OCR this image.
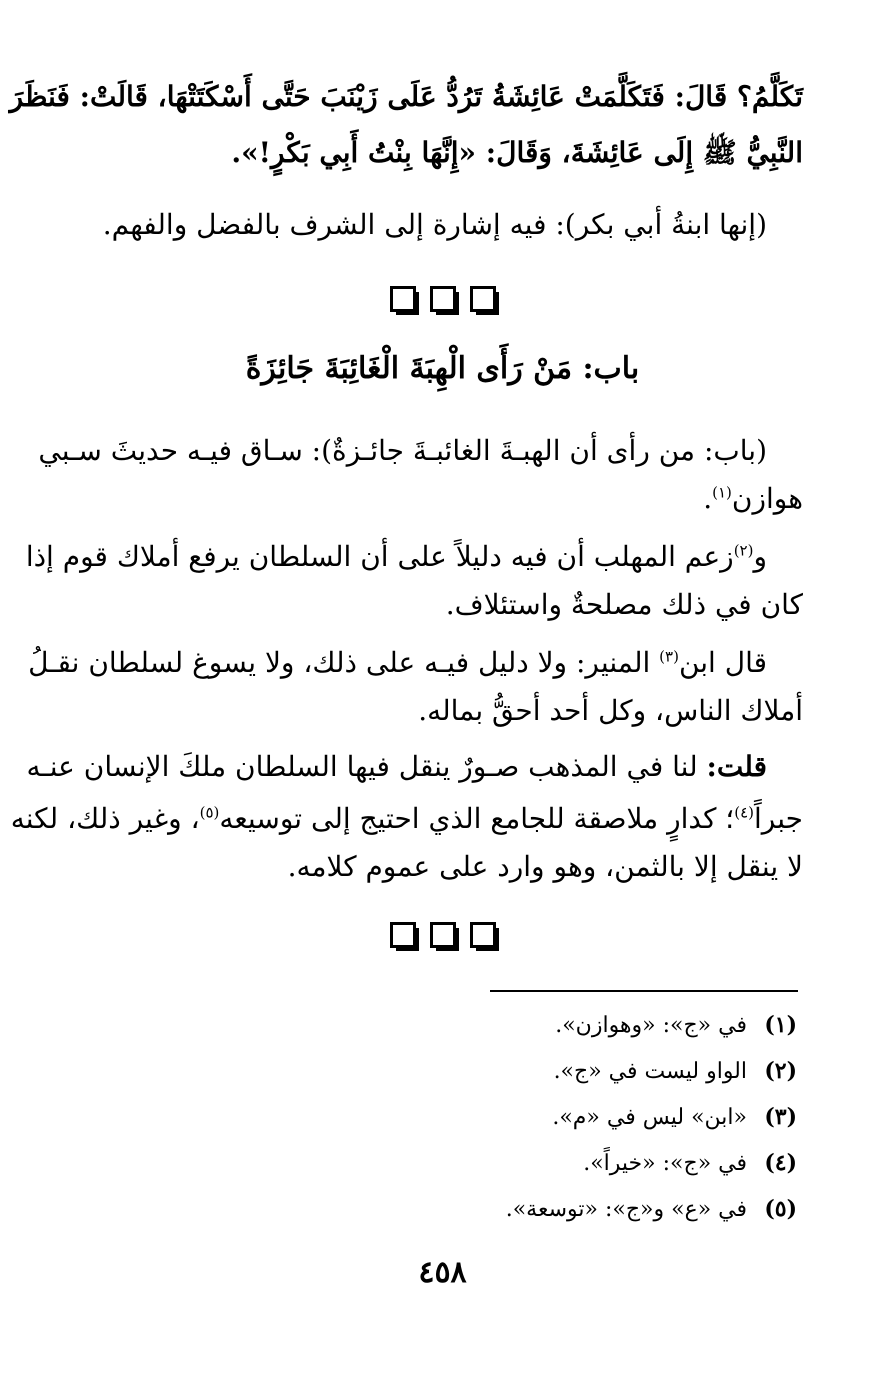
تَكَلَّمُ؟ قَالَ: فَتَكَلَّمَتْ عَائِشَةُ تَرُدُّ عَلَى زَيْنَبَ حَتَّى أَسْكَتَتْهَا، قَالَتْ: فَنَظَرَ
النَّبِيُّ ﷺ إِلَى عَائِشَةَ، وَقَالَ: «إِنَّهَا بِنْتُ أَبِي بَكْرٍ!».
(إنها ابنةُ أبي بكر): فيه إشارة إلى الشرف بالفضل والفهم.
باب: مَنْ رَأَى الْهِبَةَ الْغَائِبَةَ جَائِزَةً
(باب: من رأى أن الهبـةَ الغائبـةَ جائـزةٌ): سـاق فيـه حديثَ سـبي
هوازن$^{(١)}$.
و$^{(٢)}$زعم المهلب أن فيه دليلاً على أن السلطان يرفع أملاك قوم إذا
كان في ذلك مصلحةٌ واستئلاف.
قال ابن$^{(٣)}$ المنير: ولا دليل فيـه على ذلك، ولا يسوغ لسلطان نقـلُ
أملاك الناس، وكل أحد أحقُّ بماله.
قلت: لنا في المذهب صـورٌ ينقل فيها السلطان ملكَ الإنسان عنـه
جبراً$^{(٤)}$؛ كدارٍ ملاصقة للجامع الذي احتيج إلى توسيعه$^{(٥)}$، وغير ذلك، لكنه
لا ينقل إلا بالثمن، وهو وارد على عموم كلامه.
(١)في «ج»: «وهوازن».
(٢)الواو ليست في «ج».
(٣)«ابن» ليس في «م».
(٤)في «ج»: «خيراً».
(٥)في «ع» و«ج»: «توسعة».
٤٥٨
